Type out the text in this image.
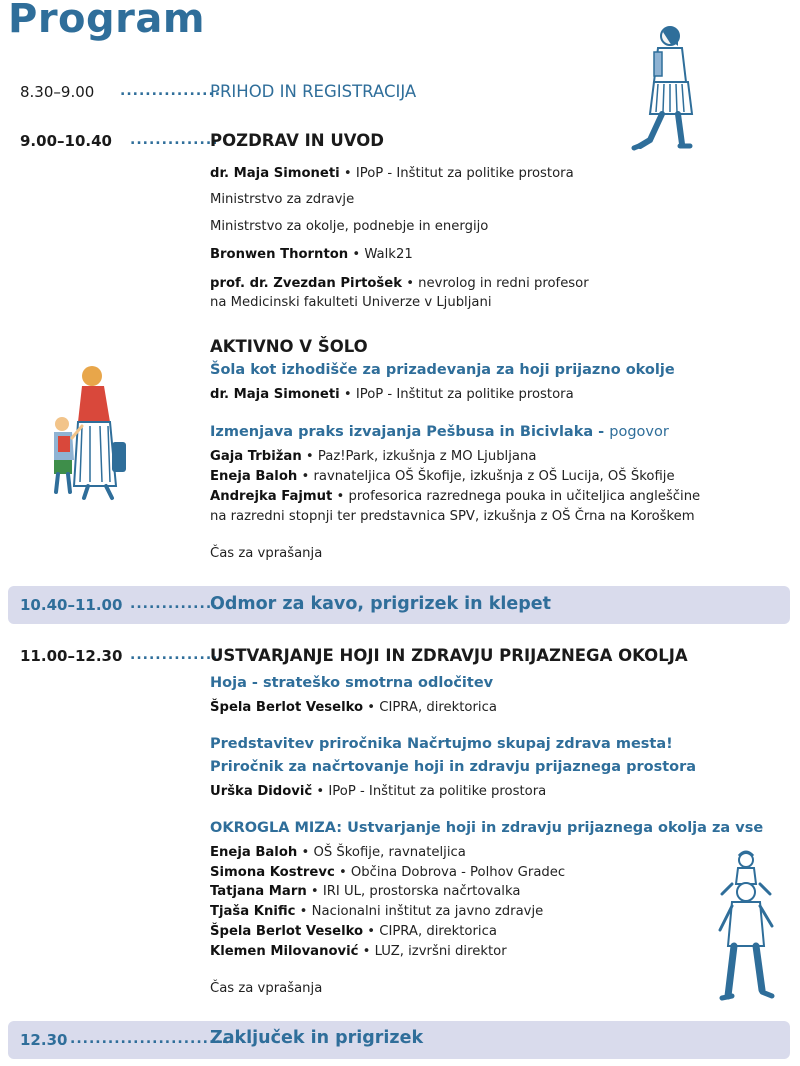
Program
8.30–9.00 ................
PRIHOD IN REGISTRACIJA
9.00–10.40 ..............
POZDRAV IN UVOD
dr. Maja Simoneti • IPoP - Inštitut za politike prostora
Ministrstvo za zdravje
Ministrstvo za okolje, podnebje in energijo
Bronwen Thornton • Walk21
prof. dr. Zvezdan Pirtošek • nevrolog in redni profesor
na Medicinski fakulteti Univerze v Ljubljani
AKTIVNO V ŠOLO
Šola kot izhodišče za prizadevanja za hoji prijazno okolje
dr. Maja Simoneti • IPoP - Inštitut za politike prostora
Izmenjava praks izvajanja Pešbusa in Bicivlaka - pogovor
Gaja Trbižan • Paz!Park, izkušnja z MO Ljubljana
Eneja Baloh • ravnateljica OŠ Škofije, izkušnja z OŠ Lucija, OŠ Škofije
Andrejka Fajmut • profesorica razrednega pouka in učiteljica angleščine
na razredni stopnji ter predstavnica SPV, izkušnja z OŠ Črna na Koroškem
Čas za vprašanja
10.40–11.00 ..............
Odmor za kavo, prigrizek in klepet
11.00–12.30 ..............
USTVARJANJE HOJI IN ZDRAVJU PRIJAZNEGA OKOLJA
Hoja - strateško smotrna odločitev
Špela Berlot Veselko • CIPRA, direktorica
Predstavitev priročnika Načrtujmo skupaj zdrava mesta!
Priročnik za načrtovanje hoji in zdravju prijaznega prostora
Urška Didovič • IPoP - Inštitut za politike prostora
OKROGLA MIZA: Ustvarjanje hoji in zdravju prijaznega okolja za vse
Eneja Baloh • OŠ Škofije, ravnateljica
Simona Kostrevc • Občina Dobrova - Polhov Gradec
Tatjana Marn • IRI UL, prostorska načrtovalka
Tjaša Knific • Nacionalni inštitut za javno zdravje
Špela Berlot Veselko • CIPRA, direktorica
Klemen Milovanović • LUZ, izvršni direktor
Čas za vprašanja
12.30 .............................
Zaključek in prigrizek
